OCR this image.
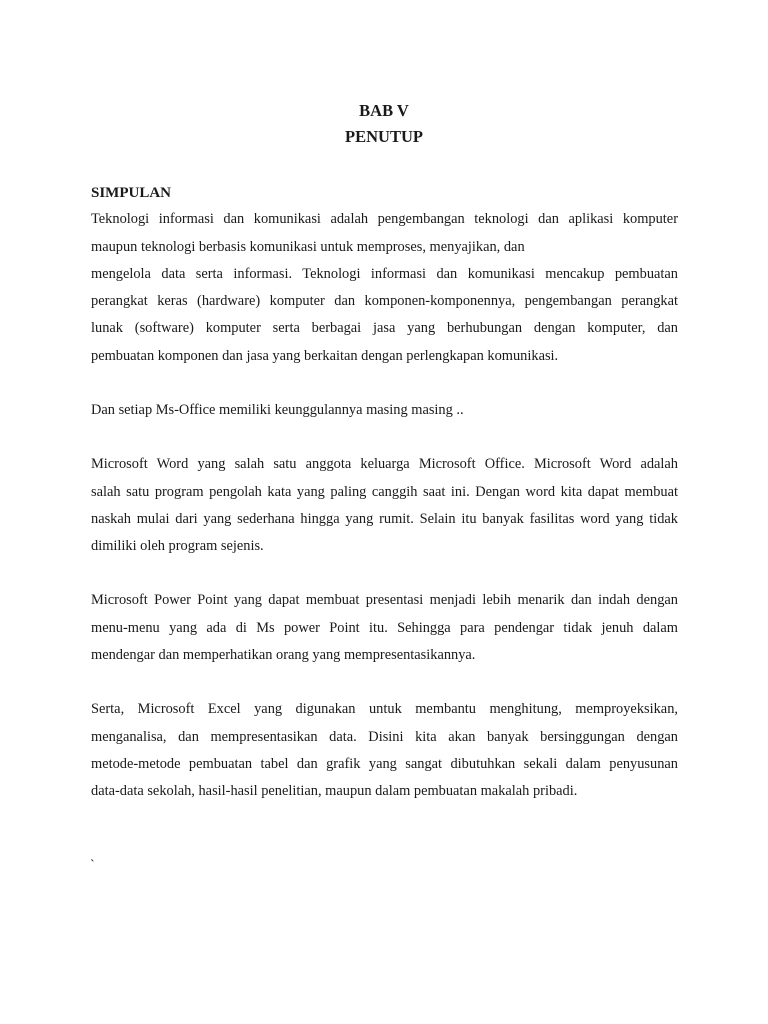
BAB V
PENUTUP
SIMPULAN
Teknologi informasi dan komunikasi adalah pengembangan teknologi dan aplikasi komputer
maupun teknologi berbasis komunikasi untuk memproses, menyajikan, dan
mengelola data serta informasi. Teknologi informasi dan komunikasi mencakup pembuatan
perangkat keras (hardware) komputer dan komponen-komponennya, pengembangan perangkat
lunak (software) komputer serta berbagai jasa yang berhubungan dengan komputer, dan
pembuatan komponen dan jasa yang berkaitan dengan perlengkapan komunikasi.
Dan setiap Ms-Office memiliki keunggulannya masing masing ..
Microsoft Word yang salah satu anggota keluarga Microsoft Office. Microsoft Word adalah
salah satu program pengolah kata yang paling canggih saat ini. Dengan word kita dapat membuat
naskah mulai dari yang sederhana hingga yang rumit. Selain itu banyak fasilitas word yang tidak
dimiliki oleh program sejenis.
Microsoft Power Point yang dapat membuat presentasi menjadi lebih menarik dan indah dengan
menu-menu yang ada di Ms power Point itu. Sehingga para pendengar tidak jenuh dalam
mendengar dan memperhatikan orang yang mempresentasikannya.
Serta, Microsoft Excel yang digunakan untuk membantu menghitung, memproyeksikan,
menganalisa, dan mempresentasikan data. Disini kita akan banyak bersinggungan dengan
metode-metode pembuatan tabel dan grafik yang sangat dibutuhkan sekali dalam penyusunan
data-data sekolah, hasil-hasil penelitian, maupun dalam pembuatan makalah pribadi.
`
